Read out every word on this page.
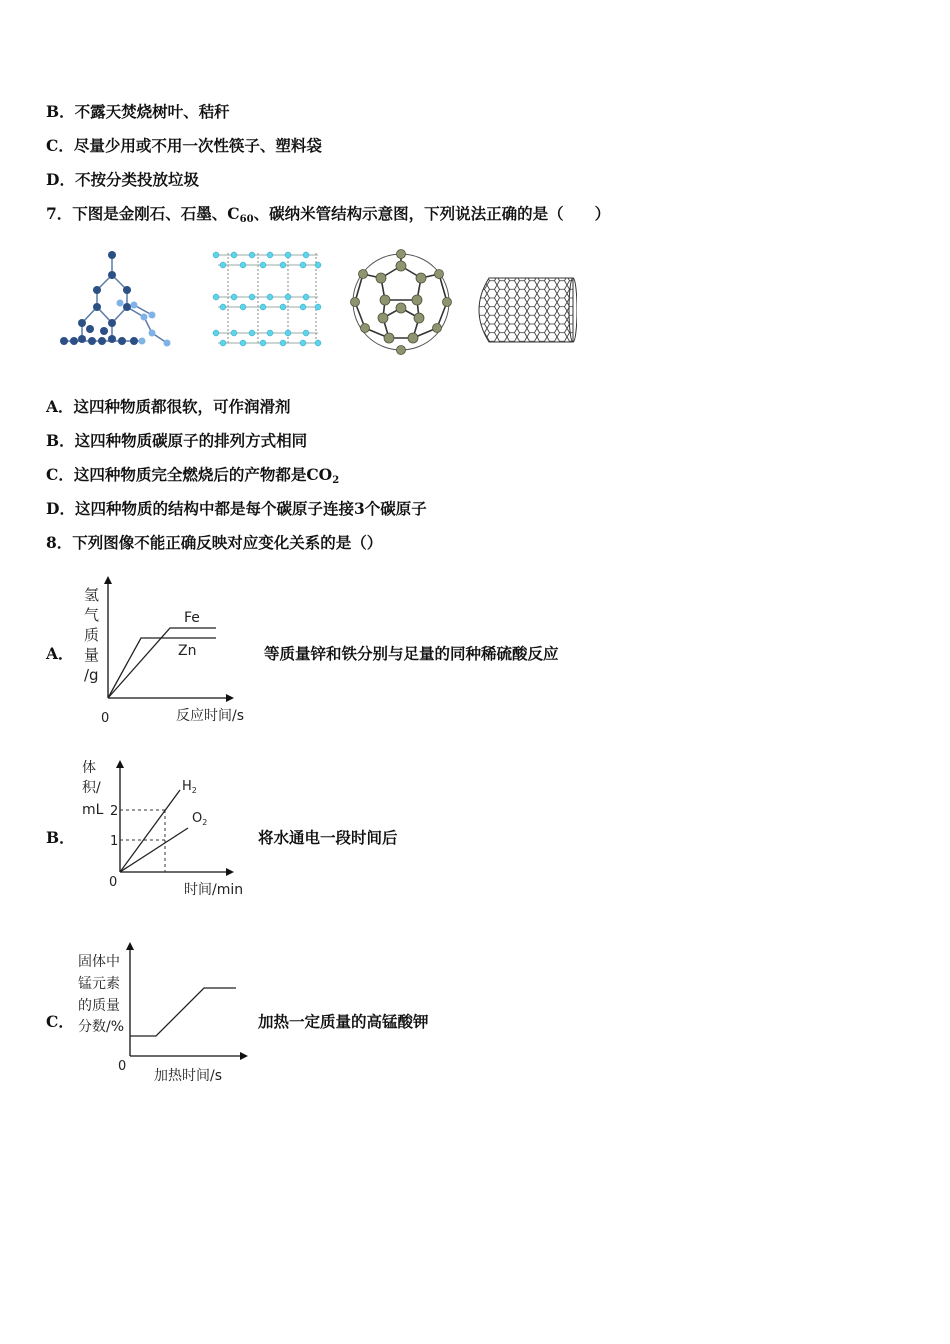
B．不露天焚烧树叶、秸秆
C．尽量少用或不用一次性筷子、塑料袋
D．不按分类投放垃圾
7．下图是金刚石、石墨、$C_{60}$、碳纳米管结构示意图，下列说法正确的是（　　）
A．这四种物质都很软，可作润滑剂
B．这四种物质碳原子的排列方式相同
C．这四种物质完全燃烧后的产物都是$CO_2$
D．这四种物质的结构中都是每个碳原子连接3个碳原子
8．下列图像不能正确反映对应变化关系的是（）
A．
氢 气 质 量 /g
0	反应时间/s
Fe
Zn	等质量锌和铁分别与足量的同种稀硫酸反应
B．
体 积/ mL 2
1
0	时间/min
$H_2$
$O_2$
将水通电一段时间后
C．
固体中 锰元素 的质量 分数/%
0
加热时间/s
加热一定质量的高锰酸钾
